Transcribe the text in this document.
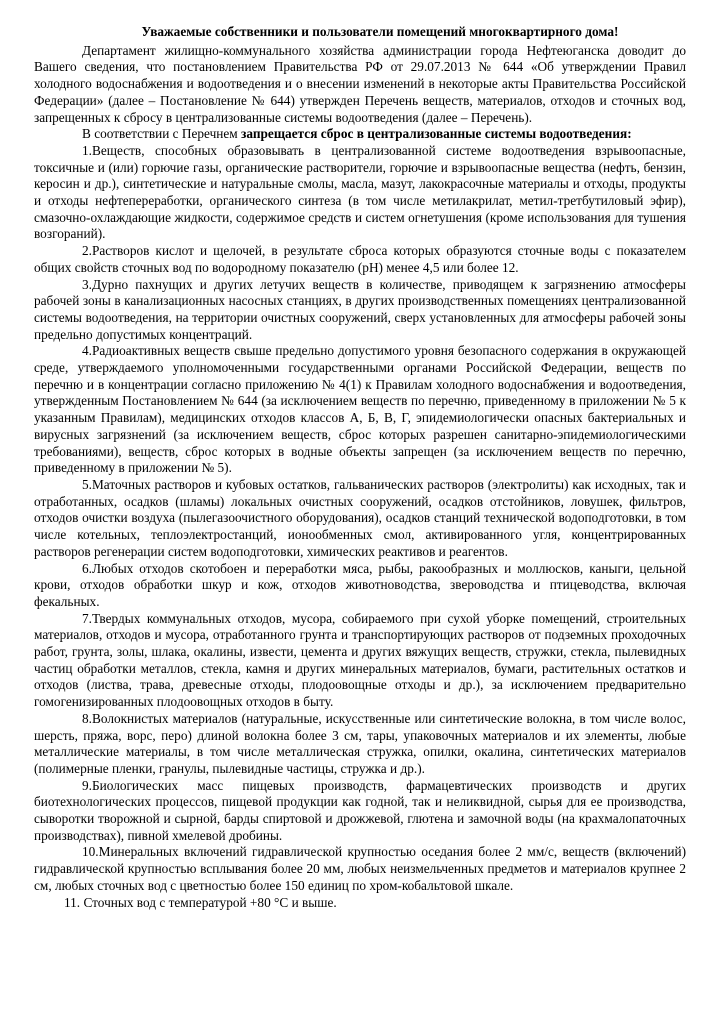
Уважаемые собственники и пользователи помещений многоквартирного дома!

Департамент жилищно-коммунального хозяйства администрации города Нефтеюганска доводит до Вашего сведения, что постановлением Правительства РФ от 29.07.2013 № 644 «Об утверждении Правил холодного водоснабжения и водоотведения и о внесении изменений в некоторые акты Правительства Российской Федерации» (далее – Постановление № 644) утвержден Перечень веществ, материалов, отходов и сточных вод, запрещенных к сбросу в централизованные системы водоотведения (далее – Перечень).

В соответствии с Перечнем запрещается сброс в централизованные системы водоотведения:

1.Веществ, способных образовывать в централизованной системе водоотведения взрывоопасные, токсичные и (или) горючие газы, органические растворители, горючие и взрывоопасные вещества (нефть, бензин, керосин и др.), синтетические и натуральные смолы, масла, мазут, лакокрасочные материалы и отходы, продукты и отходы нефтепереработки, органического синтеза (в том числе метилакрилат, метил-третбутиловый эфир), смазочно-охлаждающие жидкости, содержимое средств и систем огнетушения (кроме использования для тушения возгораний).

2.Растворов кислот и щелочей, в результате сброса которых образуются сточные воды с показателем общих свойств сточных вод по водородному показателю (pH) менее 4,5 или более 12.

3.Дурно пахнущих и других летучих веществ в количестве, приводящем к загрязнению атмосферы рабочей зоны в канализационных насосных станциях, в других производственных помещениях централизованной системы водоотведения, на территории очистных сооружений, сверх установленных для атмосферы рабочей зоны предельно допустимых концентраций.

4.Радиоактивных веществ свыше предельно допустимого уровня безопасного содержания в окружающей среде, утверждаемого уполномоченными государственными органами Российской Федерации, веществ по перечню и в концентрации согласно приложению № 4(1) к Правилам холодного водоснабжения и водоотведения, утвержденным Постановлением № 644 (за исключением веществ по перечню, приведенному в приложении № 5 к указанным Правилам), медицинских отходов классов А, Б, В, Г, эпидемиологически опасных бактериальных и вирусных загрязнений (за исключением веществ, сброс которых разрешен санитарно-эпидемиологическими требованиями), веществ, сброс которых в водные объекты запрещен (за исключением веществ по перечню, приведенному в приложении № 5).

5.Маточных растворов и кубовых остатков, гальванических растворов (электролиты) как исходных, так и отработанных, осадков (шламы) локальных очистных сооружений, осадков отстойников, ловушек, фильтров, отходов очистки воздуха (пылегазоочистного оборудования), осадков станций технической водоподготовки, в том числе котельных, теплоэлектростанций, ионообменных смол, активированного угля, концентрированных растворов регенерации систем водоподготовки, химических реактивов и реагентов.

6.Любых отходов скотобоен и переработки мяса, рыбы, ракообразных и моллюсков, каныги, цельной крови, отходов обработки шкур и кож, отходов животноводства, звероводства и птицеводства, включая фекальных.

7.Твердых коммунальных отходов, мусора, собираемого при сухой уборке помещений, строительных материалов, отходов и мусора, отработанного грунта и транспортирующих растворов от подземных проходочных работ, грунта, золы, шлака, окалины, извести, цемента и других вяжущих веществ, стружки, стекла, пылевидных частиц обработки металлов, стекла, камня и других минеральных материалов, бумаги, растительных остатков и отходов (листва, трава, древесные отходы, плодоовощные отходы и др.), за исключением предварительно гомогенизированных плодоовощных отходов в быту.

8.Волокнистых материалов (натуральные, искусственные или синтетические волокна, в том числе волос, шерсть, пряжа, ворс, перо) длиной волокна более 3 см, тары, упаковочных материалов и их элементы, любые металлические материалы, в том числе металлическая стружка, опилки, окалина, синтетических материалов (полимерные пленки, гранулы, пылевидные частицы, стружка и др.).

9.Биологических масс пищевых производств, фармацевтических производств и других биотехнологических процессов, пищевой продукции как годной, так и неликвидной, сырья для ее производства, сыворотки творожной и сырной, барды спиртовой и дрожжевой, глютена и замочной воды (на крахмалопаточных производствах), пивной хмелевой дробины.

10.Минеральных включений гидравлической крупностью оседания более 2 мм/с, веществ (включений) гидравлической крупностью всплывания более 20 мм, любых неизмельченных предметов и материалов крупнее 2 см, любых сточных вод с цветностью более 150 единиц по хром-кобальтовой шкале.

11. Сточных вод с температурой +80 °С и выше.
